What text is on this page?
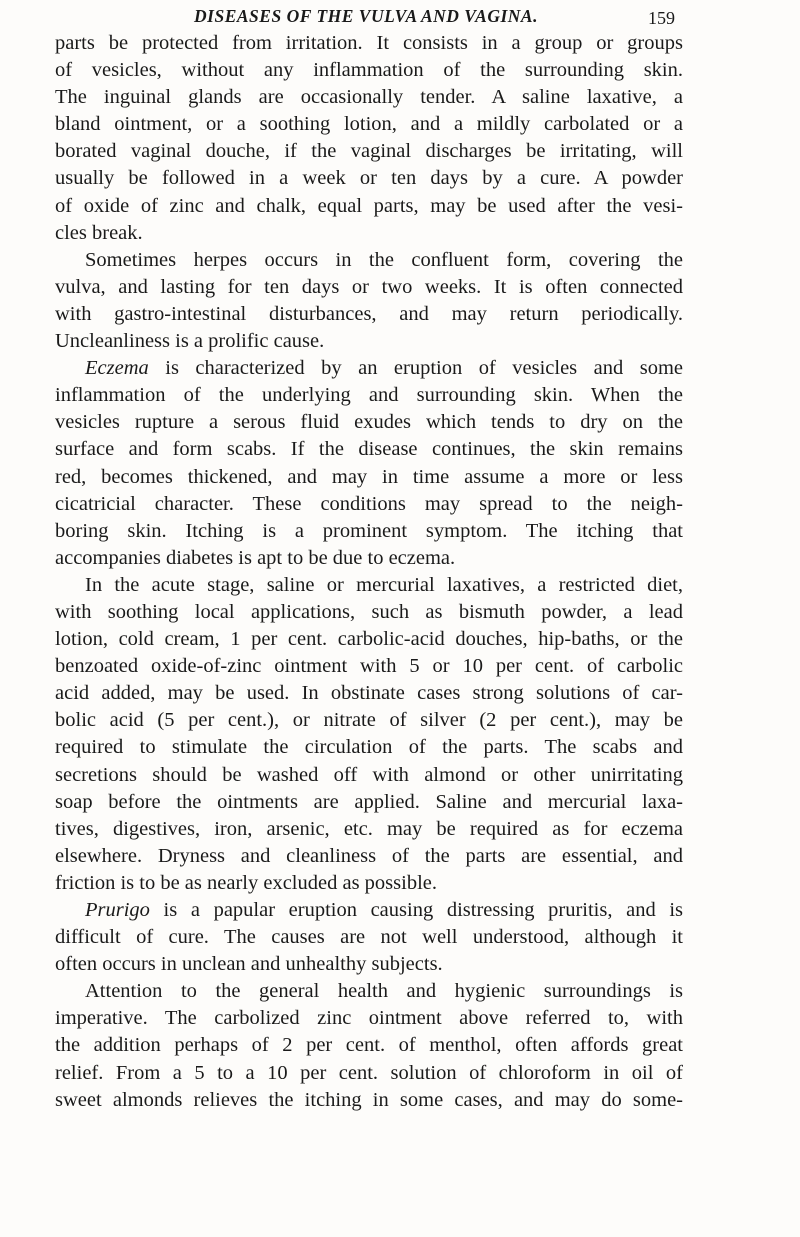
DISEASES OF THE VULVA AND VAGINA.	159
parts be protected from irritation. It consists in a group or groups
of vesicles, without any inflammation of the surrounding skin.
The inguinal glands are occasionally tender. A saline laxative, a
bland ointment, or a soothing lotion, and a mildly carbolated or a
borated vaginal douche, if the vaginal discharges be irritating, will
usually be followed in a week or ten days by a cure. A powder
of oxide of zinc and chalk, equal parts, may be used after the vesi-
cles break.
Sometimes herpes occurs in the confluent form, covering the
vulva, and lasting for ten days or two weeks. It is often connected
with gastro-intestinal disturbances, and may return periodically.
Uncleanliness is a prolific cause.
Eczema is characterized by an eruption of vesicles and some
inflammation of the underlying and surrounding skin. When the
vesicles rupture a serous fluid exudes which tends to dry on the
surface and form scabs. If the disease continues, the skin remains
red, becomes thickened, and may in time assume a more or less
cicatricial character. These conditions may spread to the neigh-
boring skin. Itching is a prominent symptom. The itching that
accompanies diabetes is apt to be due to eczema.
In the acute stage, saline or mercurial laxatives, a restricted diet,
with soothing local applications, such as bismuth powder, a lead
lotion, cold cream, 1 per cent. carbolic-acid douches, hip-baths, or the
benzoated oxide-of-zinc ointment with 5 or 10 per cent. of carbolic
acid added, may be used. In obstinate cases strong solutions of car-
bolic acid (5 per cent.), or nitrate of silver (2 per cent.), may be
required to stimulate the circulation of the parts. The scabs and
secretions should be washed off with almond or other unirritating
soap before the ointments are applied. Saline and mercurial laxa-
tives, digestives, iron, arsenic, etc. may be required as for eczema
elsewhere. Dryness and cleanliness of the parts are essential, and
friction is to be as nearly excluded as possible.
Prurigo is a papular eruption causing distressing pruritis, and is
difficult of cure. The causes are not well understood, although it
often occurs in unclean and unhealthy subjects.
Attention to the general health and hygienic surroundings is
imperative. The carbolized zinc ointment above referred to, with
the addition perhaps of 2 per cent. of menthol, often affords great
relief. From a 5 to a 10 per cent. solution of chloroform in oil of
sweet almonds relieves the itching in some cases, and may do some-
